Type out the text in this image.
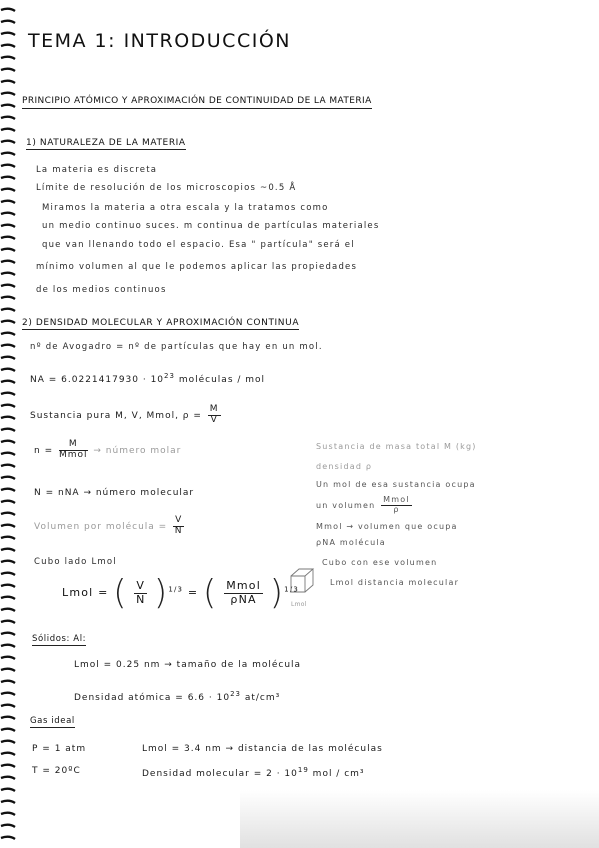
TEMA 1: INTRODUCCIÓN
PRINCIPIO ATÓMICO Y APROXIMACIÓN DE CONTINUIDAD DE LA MATERIA
1) NATURALEZA DE LA MATERIA
La materia es discreta
Límite de resolución de los microscopios ~0.5 Å
Miramos la materia a otra escala y la tratamos como
un medio continuo suces. m continua de partículas materiales
que van llenando todo el espacio. Esa " partícula" será el
mínimo volumen al que le podemos aplicar las propiedades
de los medios continuos
2) DENSIDAD MOLECULAR Y APROXIMACIÓN CONTINUA
nº de Avogadro = nº de partículas que hay en un mol.
NA = $6.0221417930 \cdot 10^{23}$ moléculas / mol
Sustancia pura M, V, Mmol, $\rho = \frac{M}{V}$
$n = \frac{M}{\text{Mmol}}$ → número molar
N = nNA → número molecular
Volumen por molécula = $\frac{V}{N}$
Sustancia de masa total M (kg)
densidad ρ
Un mol de esa sustancia ocupa
un volumen $\frac{\text{Mmol}}{\rho}$
Mmol → volumen que ocupa
ρNA molécula
Cubo lado Lmol
Lmol = ( $\frac{V}{N} )^{1/3}$ = ( $\frac{\text{Mmol}}{\text{ρNA}} )^{1/3}$
Lmol
Cubo con ese volumen
Lmol distancia molecular
Sólidos: Al:
Lmol = 0.25 nm → tamaño de la molécula
Densidad atómica = $6.6 \cdot 10^{23}$ at/cm³
Gas ideal
P = 1 atm
T = 20ºC
Lmol = 3.4 nm → distancia de las moléculas
Densidad molecular = $2 \cdot 10^{19}$ mol / cm³
